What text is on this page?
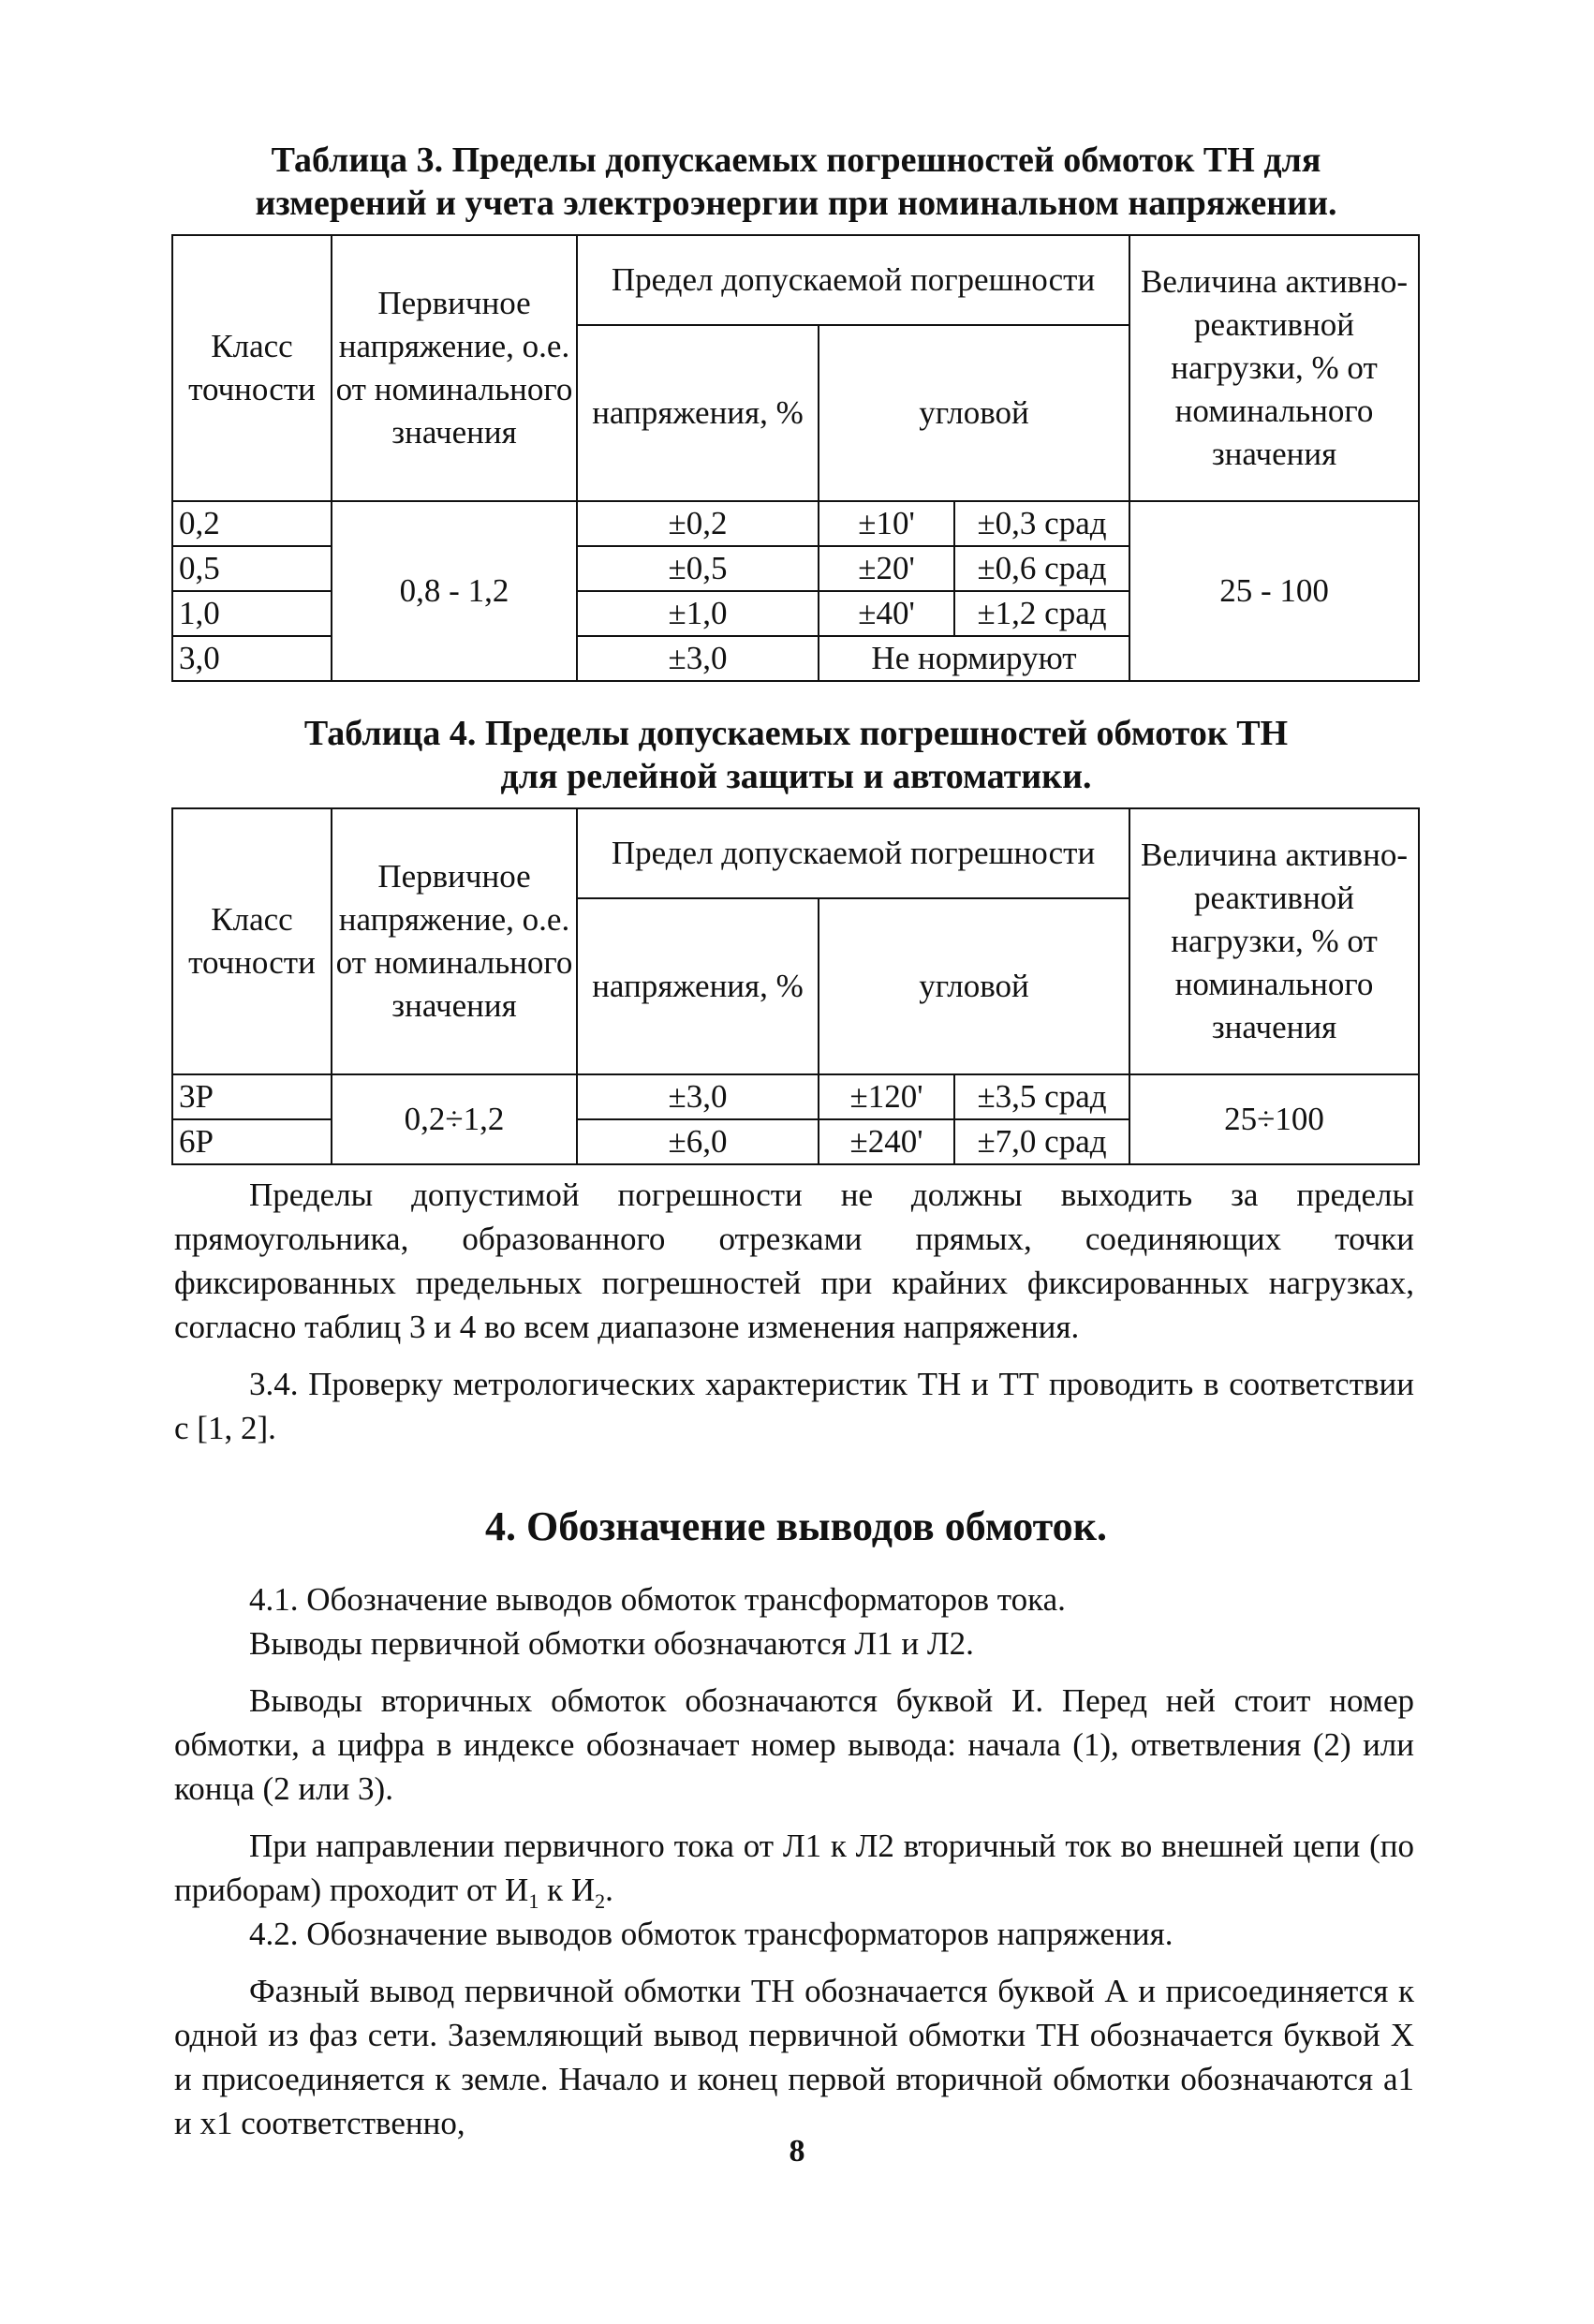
Таблица 3. Пределы допускаемых погрешностей обмоток ТН для
измерений и учета электроэнергии при номинальном напряжении.

Класс точности	Первичное напряжение, о.е. от номинального значения	Предел допускаемой погрешности			Величина активно-реактивной нагрузки, % от номинального значения
		напряжения, %	угловой		
0,2	0,8 - 1,2	±0,2	±10'	±0,3 срад	25 - 100
0,5		±0,5	±20'	±0,6 срад	
1,0		±1,0	±40'	±1,2 срад	
3,0		±3,0	Не нормируют		

Таблица 4. Пределы допускаемых погрешностей обмоток ТН
для релейной защиты и автоматики.

Класс точности	Первичное напряжение, о.е. от номинального значения	Предел допускаемой погрешности			Величина активно-реактивной нагрузки, % от номинального значения
		напряжения, %	угловой		
3Р	0,2÷1,2	±3,0	±120'	±3,5 срад	25÷100
6Р		±6,0	±240'	±7,0 срад	

Пределы допустимой погрешности не должны выходить за пределы прямоугольника, образованного отрезками прямых, соединяющих точки фиксированных предельных погрешностей при крайних фиксированных нагрузках, согласно таблиц 3 и 4 во всем диапазоне изменения напряжения.

3.4. Проверку метрологических характеристик ТН и ТТ проводить в соответствии с [1, 2].

4. Обозначение выводов обмоток.

4.1. Обозначение выводов обмоток трансформаторов тока.

Выводы первичной обмотки обозначаются Л1 и Л2.

Выводы вторичных обмоток обозначаются буквой И. Перед ней стоит номер обмотки, а цифра в индексе обозначает номер вывода: начала (1), ответвления (2) или конца (2 или 3).

При направлении первичного тока от Л1 к Л2 вторичный ток во внешней цепи (по приборам) проходит от $И_1$ к $И_2$.

4.2. Обозначение выводов обмоток трансформаторов напряжения.

Фазный вывод первичной обмотки ТН обозначается буквой А и присоединяется к одной из фаз сети. Заземляющий вывод первичной обмотки ТН обозначается буквой Х и присоединяется к земле. Начало и конец первой вторичной обмотки обозначаются a1 и x1 соответственно,

8
